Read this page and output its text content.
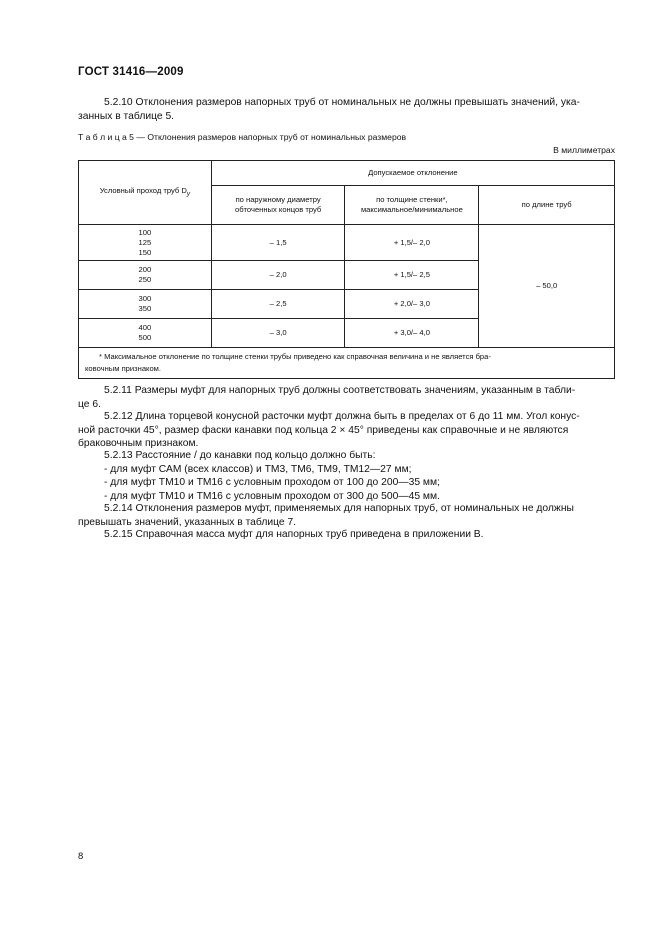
ГОСТ 31416—2009
5.2.10 Отклонения размеров напорных труб от номинальных не должны превышать значений, ука-
занных в таблице 5.
Т а б л и ц а 5 — Отклонения размеров напорных труб от номинальных размеров
В миллиметрах
Условный проход труб $D_у$	Допускаемое отклонение		

	по наружному диаметру
обточенных концов труб	по толщине стенки*,
максимальное/минимальное	по длине труб

100
125
150	– 1,5	+ 1,5/– 2,0	– 50,0

200
250	– 2,0	+ 1,5/– 2,5	

300
350	– 2,5	+ 2,0/– 3,0	

400
500	– 3,0	+ 3,0/– 4,0	

* Максимальное отклонение по толщине стенки трубы приведено как справочная величина и не является бра-
ковочным признаком.			
5.2.11 Размеры муфт для напорных труб должны соответствовать значениям, указанным в табли-
це 6.
5.2.12 Длина торцевой конусной расточки муфт должна быть в пределах от 6 до 11 мм. Угол конус-
ной расточки 45°, размер фаски канавки под кольца 2 × 45° приведены как справочные и не являются
браковочным признаком.
5.2.13 Расстояние / до канавки под кольцо должно быть:
- для муфт САМ (всех классов) и ТМ3, ТМ6, ТМ9, ТМ12—27 мм;
- для муфт ТМ10 и ТМ16 с условным проходом от 100 до 200—35 мм;
- для муфт ТМ10 и ТМ16 с условным проходом от 300 до 500—45 мм.
5.2.14 Отклонения размеров муфт, применяемых для напорных труб, от номинальных не должны
превышать значений, указанных в таблице 7.
5.2.15 Справочная масса муфт для напорных труб приведена в приложении В.
8
